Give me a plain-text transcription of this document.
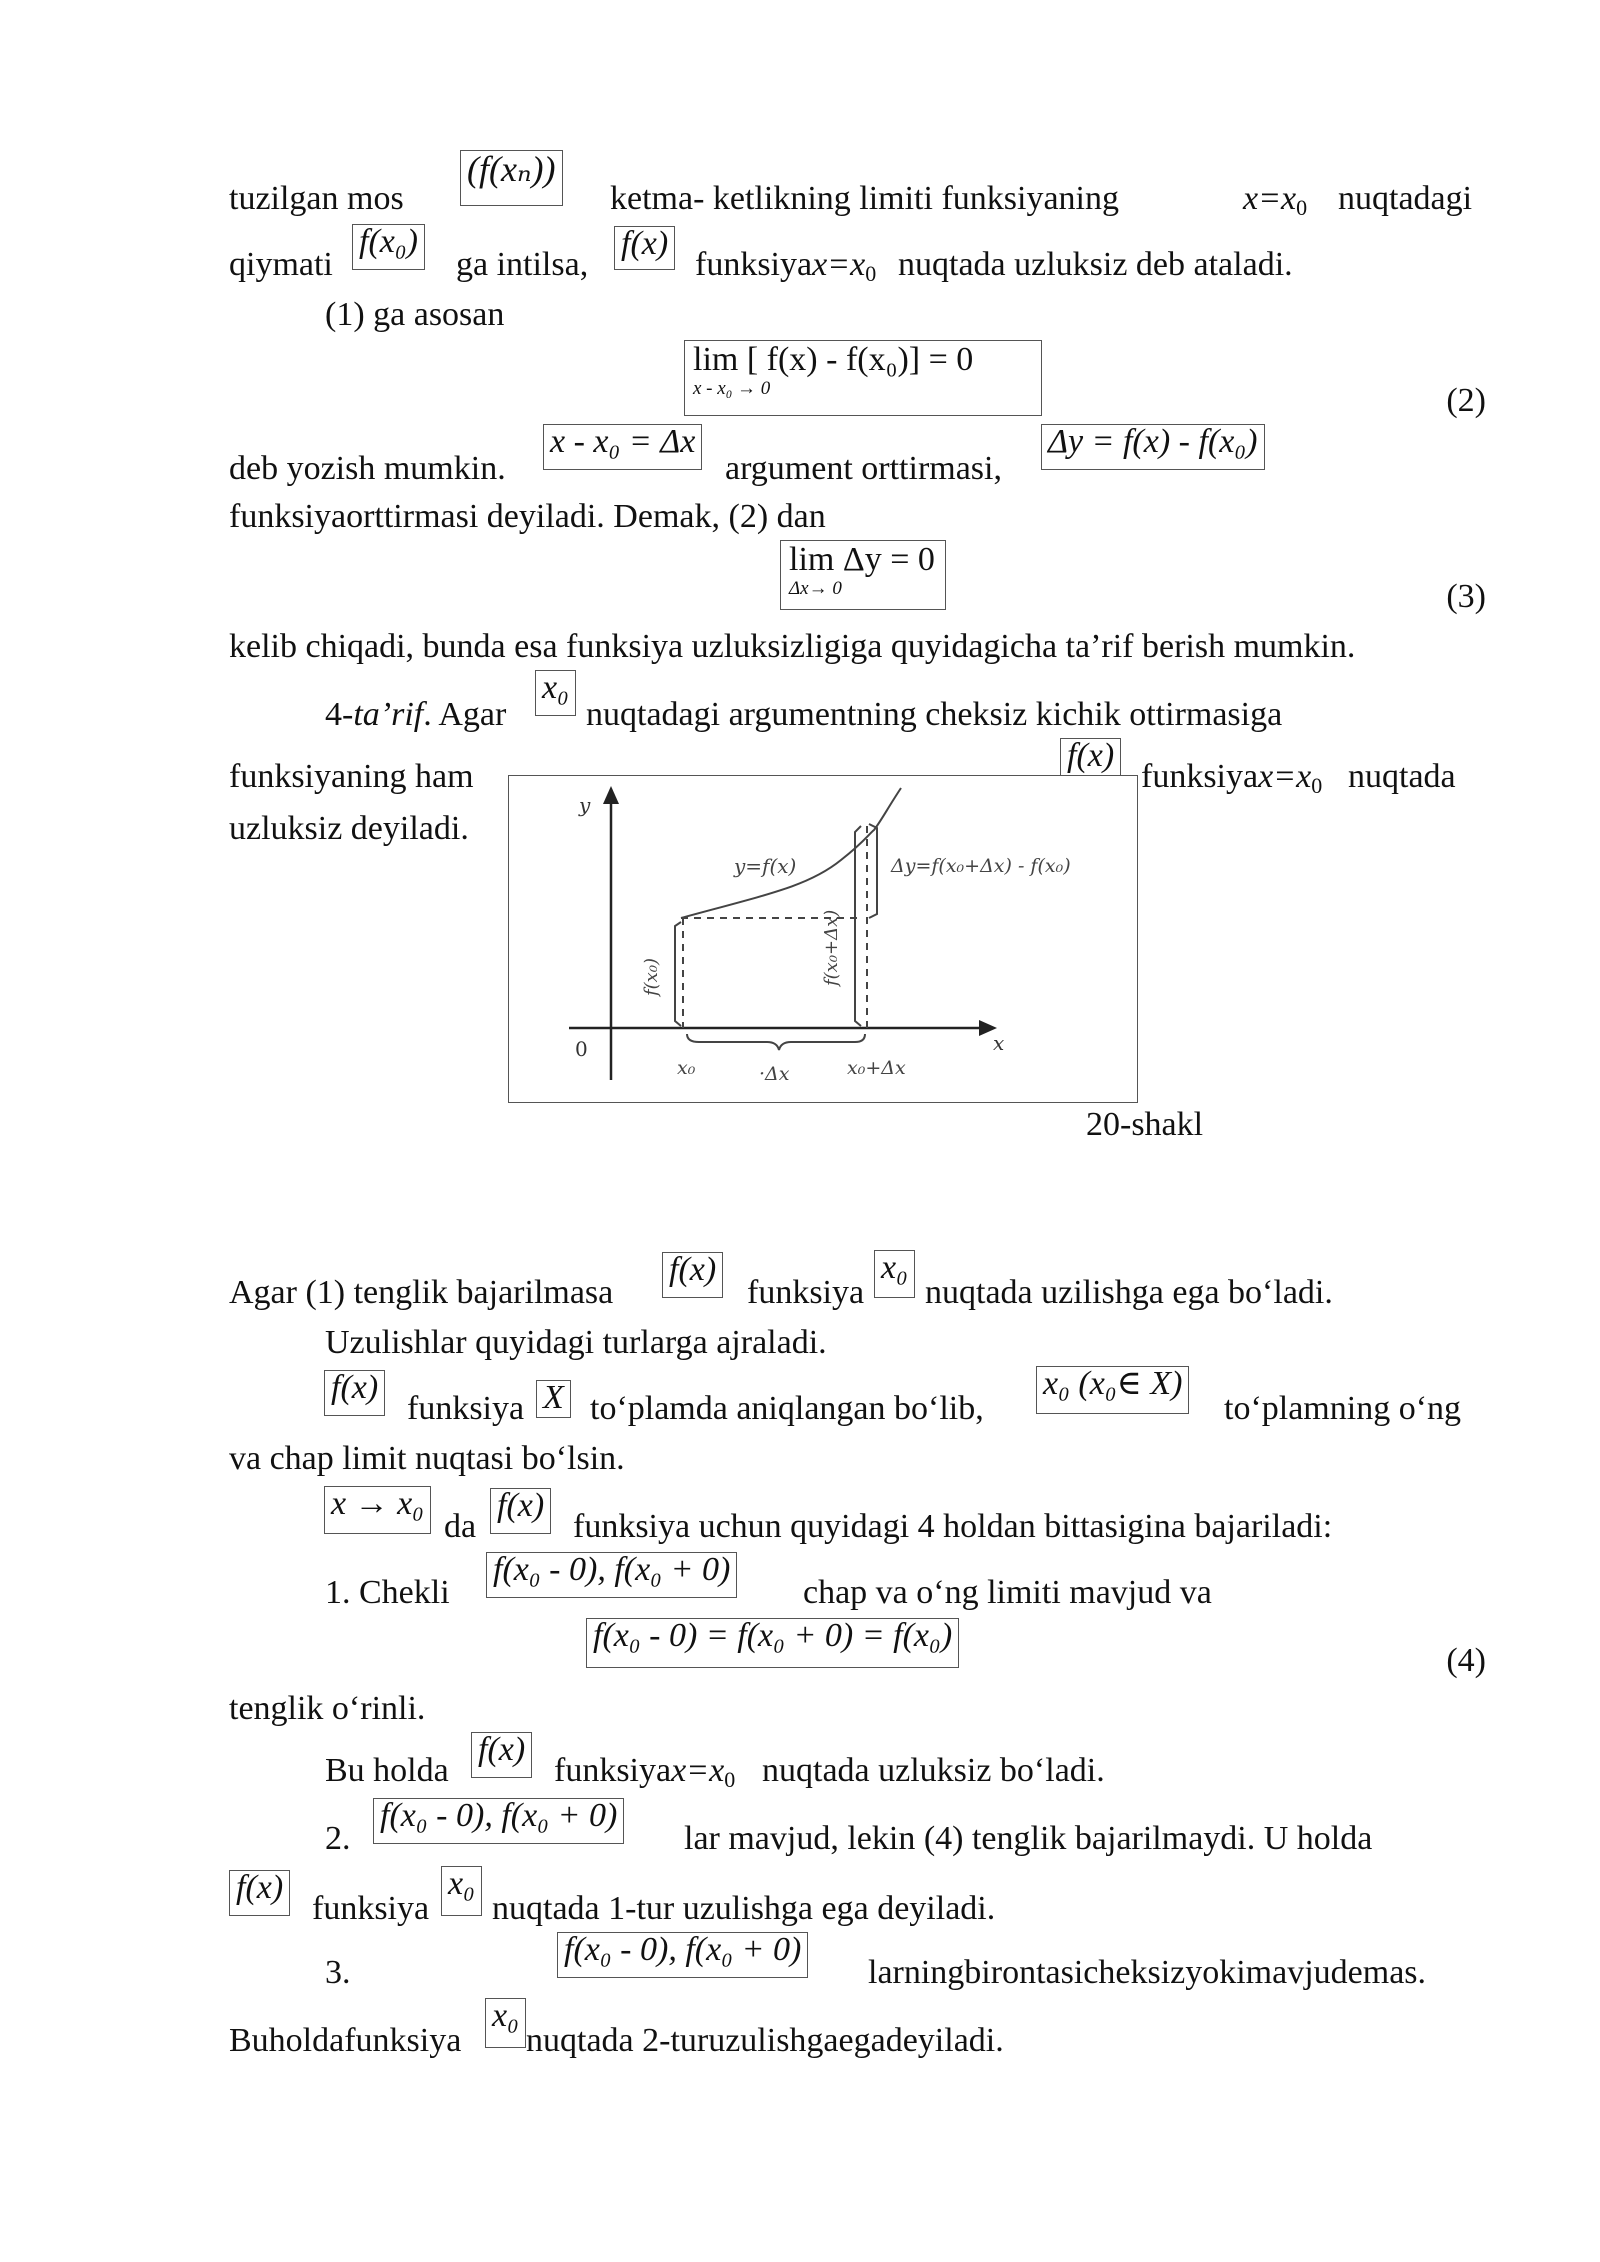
tuzilgan mos
(f(xₙ))
ketma- ketlikning limiti funksiyaning	$x=x_0$ nuqtadagi
qiymati
f(x₀)
ga intilsa,
f(x)
$funksiyax=x_0$ nuqtada uzluksiz deb ataladi.
(1) ga asosan
lim [ f(x) - f(x₀)] = 0
x - x₀ → 0	(2)
deb yozish mumkin.
x - x₀ = Δx
argument orttirmasi,
Δy = f(x) - f(x₀)
funksiyaorttirmasi deyiladi. Demak, (2) dan
lim Δy = 0
Δx→ 0	(3)
kelib chiqadi, bunda esa funksiya uzluksizligiga quyidagicha ta’rif berish mumkin.
4-ta’rif. Agar
x₀
nuqtadagi argumentning cheksiz kichik ottirmasiga
funksiyaning ham
f(x)
$funksiyax=x_0$ nuqtada
uzluksiz deyiladi.
y
x
0
y=f(x)
f(x₀)	f(x₀+Δx)
Δy=f(x₀+Δx) - f(x₀)
x₀	·Δx	x₀+Δx
20-shakl
Agar (1) tenglik bajarilmasa
f(x)
funksiya
x₀
nuqtada uzilishga ega bo‘ladi.
Uzulishlar quyidagi turlarga ajraladi.
f(x)
funksiya X to‘plamda aniqlangan bo‘lib,
x₀ (x₀∈ X)
to‘plamning o‘ng
va chap limit nuqtasi bo‘lsin.
x → x₀
da
f(x)
funksiya uchun quyidagi 4 holdan bittasigina bajariladi:
1. Chekli
f(x₀ - 0), f(x₀ + 0)
chap va o‘ng limiti mavjud va
f(x₀ - 0) = f(x₀ + 0) = f(x₀)
(4)
tenglik o‘rinli.
Bu holda
f(x)
$funksiyax=x_0$ nuqtada uzluksiz bo‘ladi.
2.
f(x₀ - 0), f(x₀ + 0)
lar mavjud, lekin (4) tenglik bajarilmaydi. U holda
f(x)
funksiya
x₀
nuqtada 1-tur uzulishga ega deyiladi.
3.
f(x₀ - 0), f(x₀ + 0)
larningbirontasicheksizyokimavjudemas.
Buholdafunksiya
x₀
nuqtada 2-turuzulishgaegadeyiladi.
